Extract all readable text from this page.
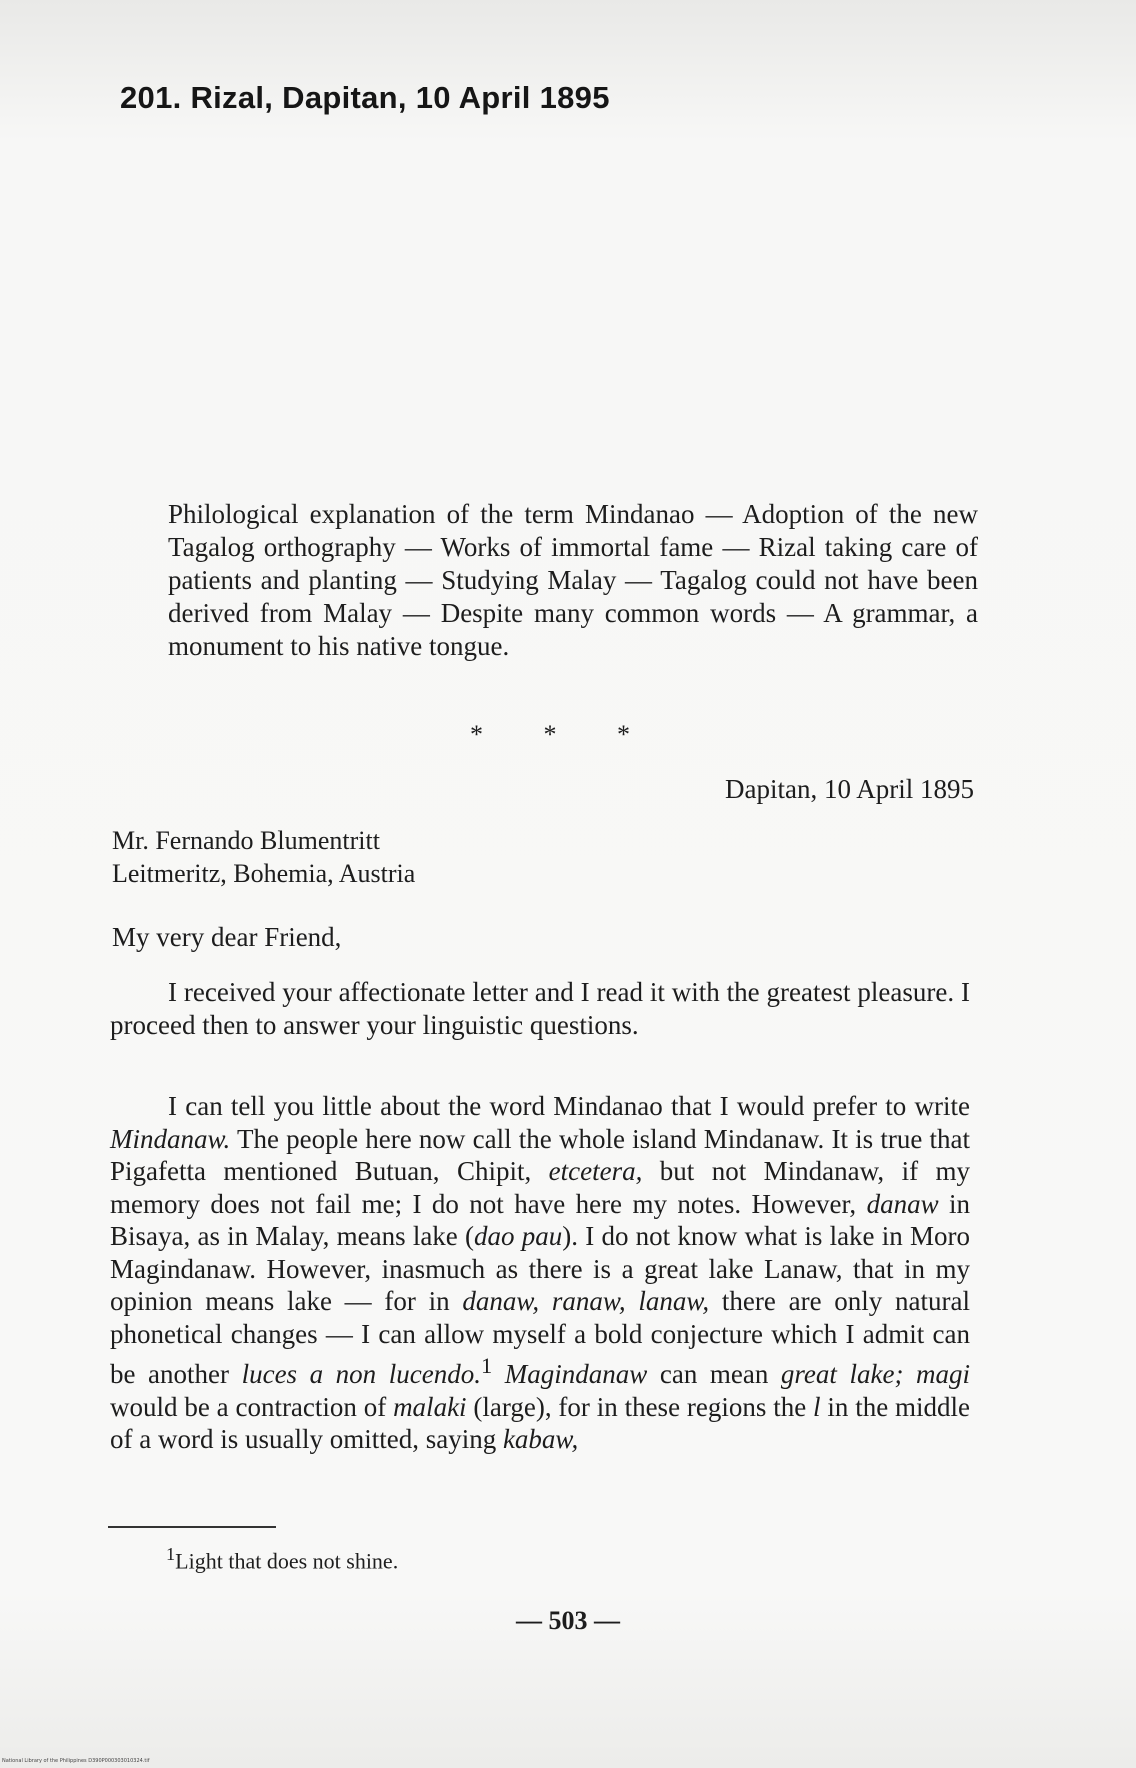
201. Rizal, Dapitan, 10 April 1895
Philological explanation of the term Mindanao — Adoption of the new Tagalog orthography — Works of immortal fame — Rizal taking care of patients and planting — Studying Malay — Tagalog could not have been derived from Malay — Despite many common words — A grammar, a monument to his native tongue.
* * *
Dapitan, 10 April 1895
Mr. Fernando Blumentritt
Leitmeritz, Bohemia, Austria
My very dear Friend,

I received your affectionate letter and I read it with the greatest pleasure. I proceed then to answer your linguistic questions.

I can tell you little about the word Mindanao that I would prefer to write Mindanaw. The people here now call the whole island Mindanaw. It is true that Pigafetta mentioned Butuan, Chipit, etcetera, but not Mindanaw, if my memory does not fail me; I do not have here my notes. However, danaw in Bisaya, as in Malay, means lake (dao pau). I do not know what is lake in Moro Magindanaw. However, inasmuch as there is a great lake Lanaw, that in my opinion means lake — for in danaw, ranaw, lanaw, there are only natural phonetical changes — I can allow myself a bold conjecture which I admit can be another luces a non lucendo.$^1$ Magindanaw can mean great lake; magi would be a contraction of malaki (large), for in these regions the l in the middle of a word is usually omitted, saying kabaw,

$^1$Light that does not shine.
— 503 —
National Library of the Philippines D390P000303010324.tif
